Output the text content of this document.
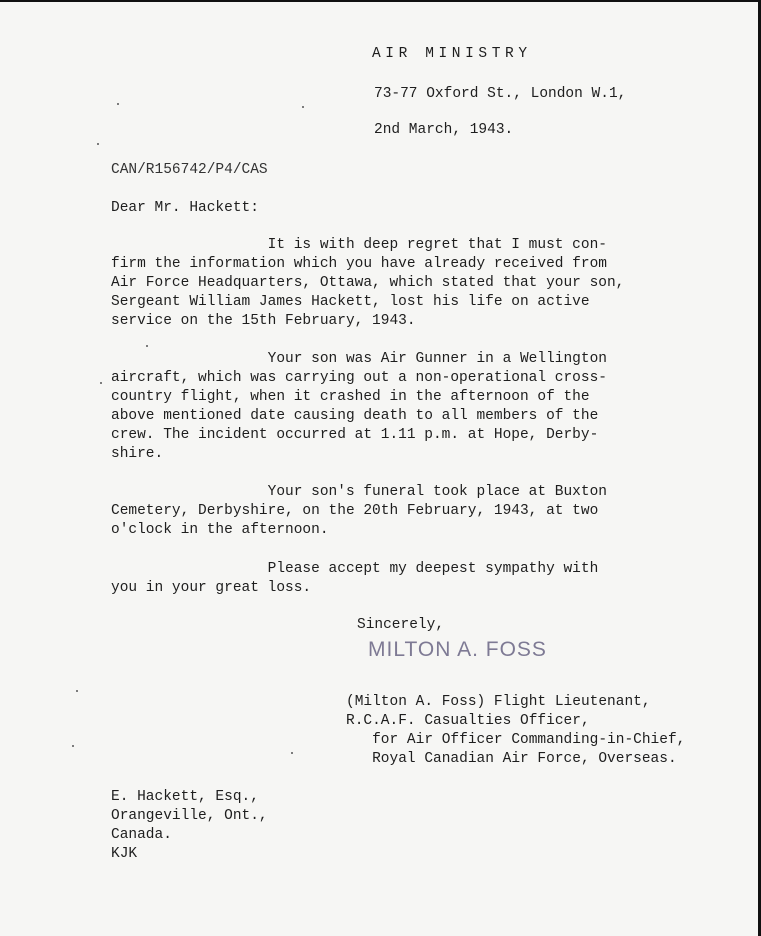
AIR MINISTRY
73-77 Oxford St., London W.1,
2nd March, 1943.
CAN/R156742/P4/CAS
Dear Mr. Hackett:
It is with deep regret that I must con-
firm the information which you have already received from
Air Force Headquarters, Ottawa, which stated that your son,
Sergeant William James Hackett, lost his life on active
service on the 15th February, 1943.
Your son was Air Gunner in a Wellington
aircraft, which was carrying out a non-operational cross-
country flight, when it crashed in the afternoon of the
above mentioned date causing death to all members of the
crew. The incident occurred at 1.11 p.m. at Hope, Derby-
shire.
Your son's funeral took place at Buxton
Cemetery, Derbyshire, on the 20th February, 1943, at two
o'clock in the afternoon.
Please accept my deepest sympathy with
you in your great loss.
Sincerely,
MILTON A. FOSS
(Milton A. Foss) Flight Lieutenant,
R.C.A.F. Casualties Officer,
for Air Officer Commanding-in-Chief,
Royal Canadian Air Force, Overseas.
E. Hackett, Esq.,
Orangeville, Ont.,
Canada.
KJK
